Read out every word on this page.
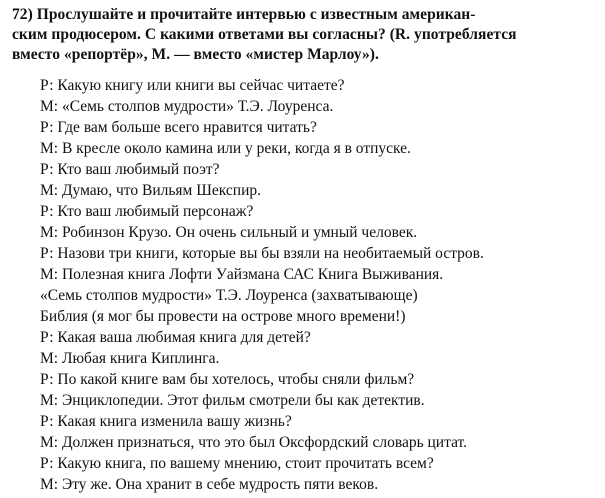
72) Прослушайте и прочитайте интервью с известным американ-
ским продюсером. С какими ответами вы согласны? (R. употребляется
вместо «репортёр», М. — вместо «мистер Марлоу»).
Р: Какую книгу или книги вы сейчас читаете?
М: «Семь столпов мудрости» Т.Э. Лоуренса.
Р: Где вам больше всего нравится читать?
М: В кресле около камина или у реки, когда я в отпуске.
Р: Кто ваш любимый поэт?
М: Думаю, что Вильям Шекспир.
Р: Кто ваш любимый персонаж?
М: Робинзон Крузо. Он очень сильный и умный человек.
Р: Назови три книги, которые вы бы взяли на необитаемый остров.
М: Полезная книга Лофти Уайзмана САС Книга Выживания.
«Семь столпов мудрости» Т.Э. Лоуренса (захватывающе)
Библия (я мог бы провести на острове много времени!)
Р: Какая ваша любимая книга для детей?
М: Любая книга Киплинга.
Р: По какой книге вам бы хотелось, чтобы сняли фильм?
М: Энциклопедии. Этот фильм смотрели бы как детектив.
Р: Какая книга изменила вашу жизнь?
М: Должен признаться, что это был Оксфордский словарь цитат.
Р: Какую книга, по вашему мнению, стоит прочитать всем?
М: Эту же. Она хранит в себе мудрость пяти веков.
